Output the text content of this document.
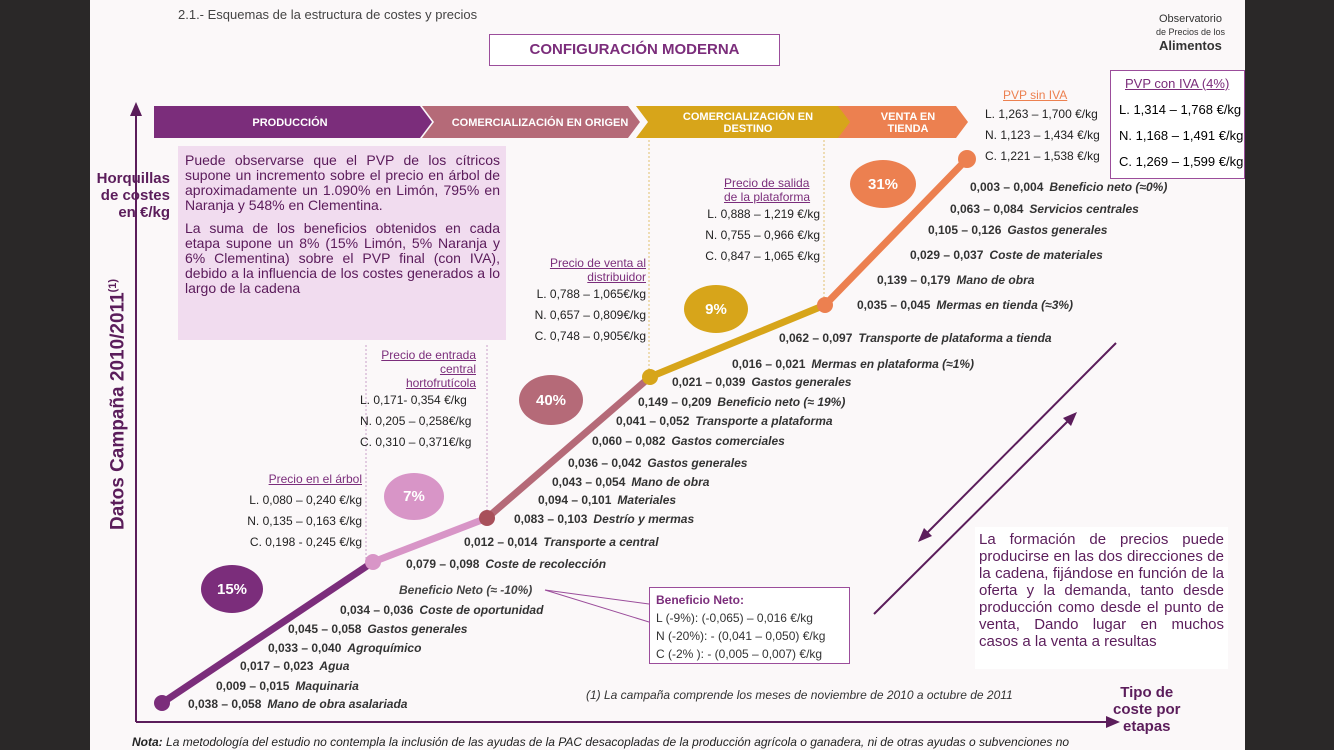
2.1.- Esquemas de la estructura de costes y precios	Observatorio
de Precios de los
Alimentos
CONFIGURACIÓN MODERNA
PRODUCCIÓN	COMERCIALIZACIÓN EN ORIGEN	COMERCIALIZACIÓN EN DESTINO
VENTA EN TIENDA

Puede observarse que el PVP de los cítricos supone un incremento sobre el precio en árbol de aproximadamente un 1.090% en Limón, 795% en Naranja y 548% en Clementina.

La suma de los beneficios obtenidos en cada etapa supone un 8% (15% Limón, 5% Naranja y 6% Clementina) sobre el PVP final (con IVA), debido a la influencia de los costes generados a lo largo de la cadena

Horquillas
de costes
en €/kg
Datos Campaña 2010/2011$^{(1)}$
15%
7%
40%
9%
31%
Precio en el árbol
L. 0,080 – 0,240 €/kg
N. 0,135 – 0,163 €/kg
C. 0,198 - 0,245 €/kg
Precio de entrada
central
hortofrutícola
L. 0,171- 0,354 €/kg
N. 0,205 – 0,258€/kg
C. 0,310 – 0,371€/kg
Precio de venta al
distribuidor
L. 0,788 – 1,065€/kg
N. 0,657 – 0,809€/kg
C. 0,748 – 0,905€/kg
Precio de salida
de la plataforma
L. 0,888 – 1,219 €/kg
N. 0,755 – 0,966 €/kg
C. 0,847 – 1,065 €/kg
PVP sin IVA
L. 1,263 – 1,700 €/kg
N. 1,123 – 1,434 €/kg
C. 1,221 – 1,538 €/kg
PVP con IVA (4%)
L. 1,314 – 1,768 €/kg
N. 1,168 – 1,491 €/kg
C. 1,269 – 1,599 €/kg
0,038 – 0,058 Mano de obra asalariada
0,009 – 0,015 Maquinaria
0,017 – 0,023 Agua
0,033 – 0,040 Agroquímico
0,045 – 0,058 Gastos generales
0,034 – 0,036 Coste de oportunidad
Beneficio Neto (≈ -10%)
0,079 – 0,098 Coste de recolección
0,012 – 0,014 Transporte a central
0,083 – 0,103 Destrío y mermas
0,094 – 0,101 Materiales
0,043 – 0,054 Mano de obra
0,036 – 0,042 Gastos generales
0,060 – 0,082 Gastos comerciales
0,041 – 0,052 Transporte a plataforma
0,149 – 0,209 Beneficio neto (≈ 19%)
0,021 – 0,039 Gastos generales
0,016 – 0,021 Mermas en plataforma (≈1%)
0,062 – 0,097 Transporte de plataforma a tienda
0,035 – 0,045 Mermas en tienda (≈3%)
0,139 – 0,179 Mano de obra
0,029 – 0,037 Coste de materiales
0,105 – 0,126 Gastos generales
0,063 – 0,084 Servicios centrales
0,003 – 0,004 Beneficio neto (≈0%)
Beneficio Neto:
L (-9%): (-0,065) – 0,016 €/kg
N (-20%): - (0,041 – 0,050) €/kg
C (-2% ): - (0,005 – 0,007) €/kg
La formación de precios puede producirse en las dos direcciones de la cadena, fijándose en función de la oferta y la demanda, tanto desde producción como desde el punto de venta, Dando lugar en muchos casos a la venta a resultas
(1) La campaña comprende los meses de noviembre de 2010 a octubre de 2011	Tipo de
coste por
etapas
Nota: La metodología del estudio no contempla la inclusión de las ayudas de la PAC desacopladas de la producción agrícola o ganadera, ni de otras ayudas o subvenciones no
